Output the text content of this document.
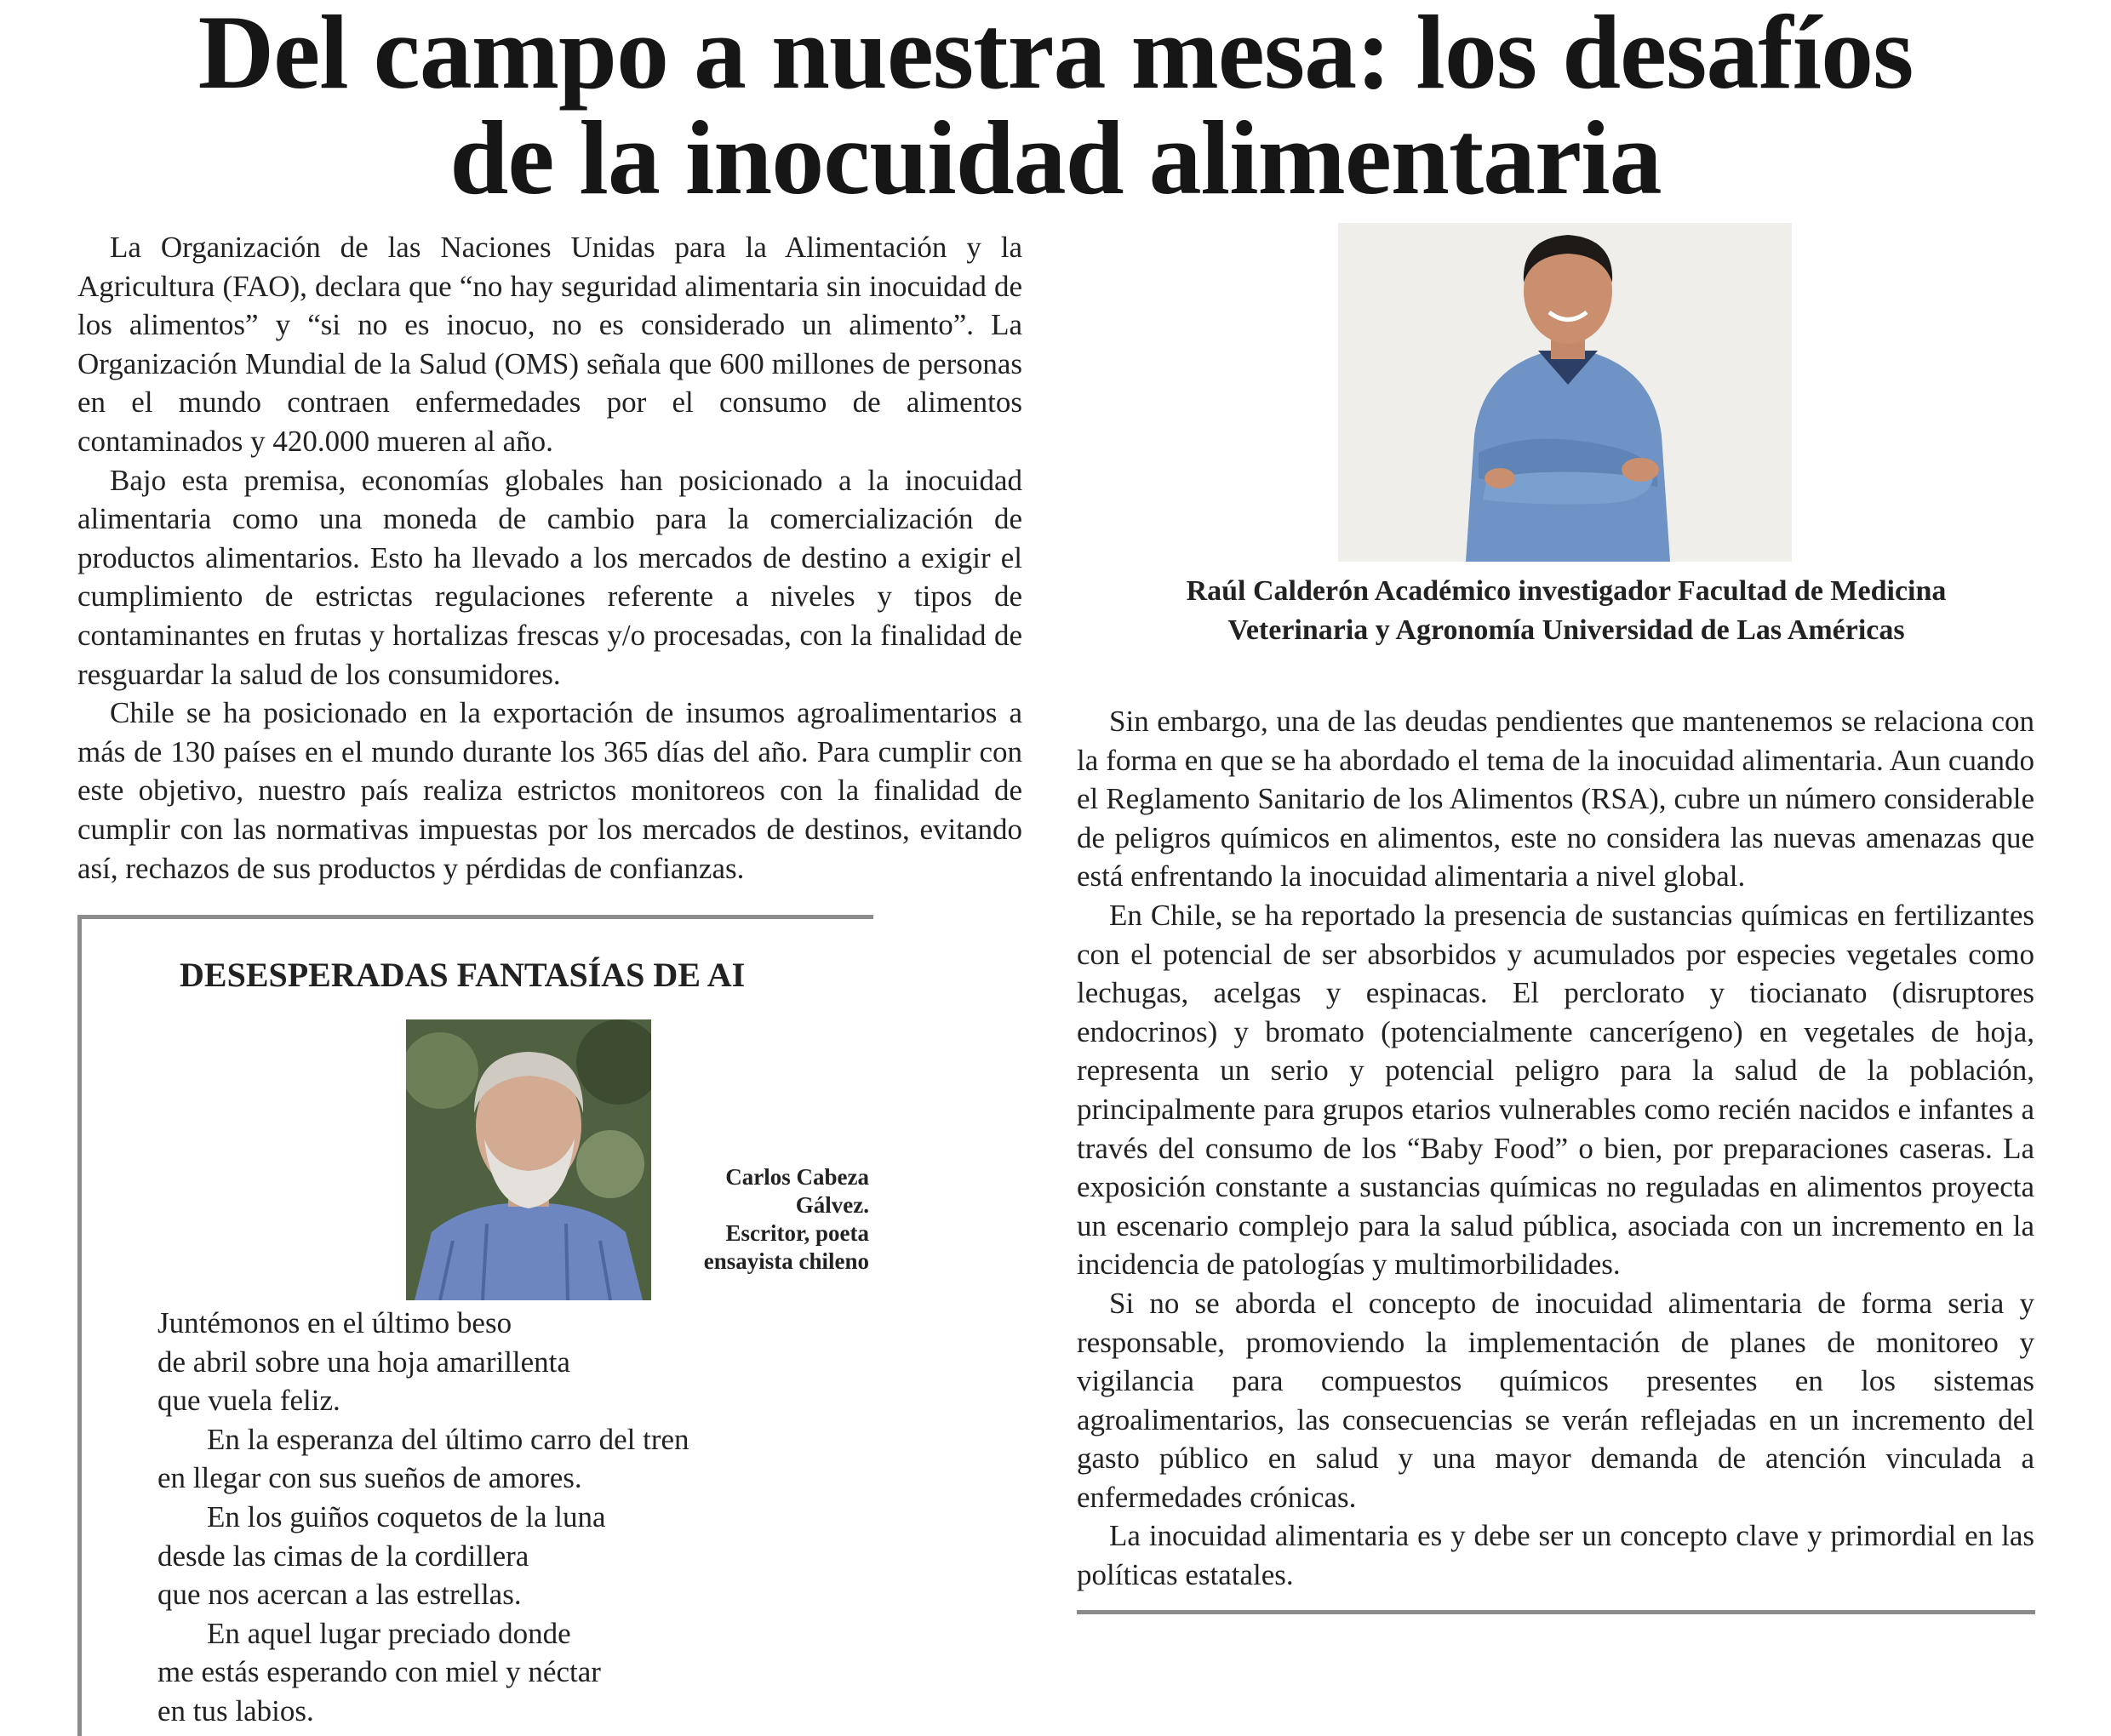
Del campo a nuestra mesa: los desafíos
de la inocuidad alimentaria

La Organización de las Naciones Unidas para la Alimentación y la Agricultura (FAO), declara que “no hay seguridad alimentaria sin inocuidad de los alimentos” y “si no es inocuo, no es considerado un alimento”. La Organización Mundial de la Salud (OMS) señala que 600 millones de personas en el mundo contraen enfermedades por el consumo de alimentos contaminados y 420.000 mueren al año.

Bajo esta premisa, economías globales han posicionado a la inocuidad alimentaria como una moneda de cambio para la comercialización de productos alimentarios. Esto ha llevado a los mercados de destino a exigir el cumplimiento de estrictas regulaciones referente a niveles y tipos de contaminantes en frutas y hortalizas frescas y/o procesadas, con la finalidad de resguardar la salud de los consumidores.

Chile se ha posicionado en la exportación de insumos agroalimentarios a más de 130 países en el mundo durante los 365 días del año. Para cumplir con este objetivo, nuestro país realiza estrictos monitoreos con la finalidad de cumplir con las normativas impuestas por los mercados de destinos, evitando así, rechazos de sus productos y pérdidas de confianzas.

Raúl Calderón Académico investigador Facultad de Medicina Veterinaria y Agronomía Universidad de Las Américas

Sin embargo, una de las deudas pendientes que mantenemos se relaciona con la forma en que se ha abordado el tema de la inocuidad alimentaria. Aun cuando el Reglamento Sanitario de los Alimentos (RSA), cubre un número considerable de peligros químicos en alimentos, este no considera las nuevas amenazas que está enfrentando la inocuidad alimentaria a nivel global.

En Chile, se ha reportado la presencia de sustancias químicas en fertilizantes con el potencial de ser absorbidos y acumulados por especies vegetales como lechugas, acelgas y espinacas. El perclorato y tiocianato (disruptores endocrinos) y bromato (potencialmente cancerígeno) en vegetales de hoja, representa un serio y potencial peligro para la salud de la población, principalmente para grupos etarios vulnerables como recién nacidos e infantes a través del consumo de los “Baby Food” o bien, por preparaciones caseras. La exposición constante a sustancias químicas no reguladas en alimentos proyecta un escenario complejo para la salud pública, asociada con un incremento en la incidencia de patologías y multimorbilidades.

Si no se aborda el concepto de inocuidad alimentaria de forma seria y responsable, promoviendo la implementación de planes de monitoreo y vigilancia para compuestos químicos presentes en los sistemas agroalimentarios, las consecuencias se verán reflejadas en un incremento del gasto público en salud y una mayor demanda de atención vinculada a enfermedades crónicas.

La inocuidad alimentaria es y debe ser un concepto clave y primordial en las políticas estatales.

DESESPERADAS FANTASÍAS DE AI

Carlos Cabeza
Gálvez.
Escritor, poeta
ensayista chileno
Juntémonos en el último beso
de abril sobre una hoja amarillenta
que vuela feliz.
En la esperanza del último carro del tren
en llegar con sus sueños de amores.
En los guiños coquetos de la luna
desde las cimas de la cordillera
que nos acercan a las estrellas.
En aquel lugar preciado donde
me estás esperando con miel y néctar
en tus labios.
